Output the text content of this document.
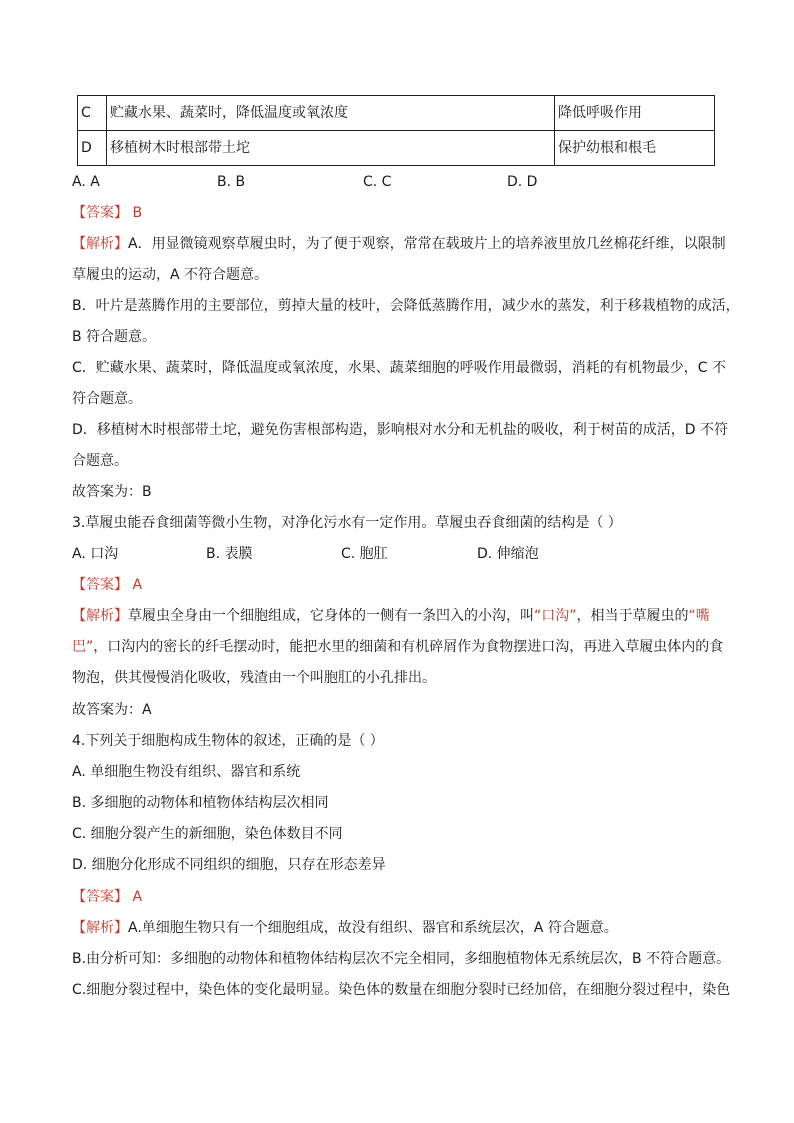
C	贮藏水果、蔬菜时，降低温度或氧浓度	降低呼吸作用
D	移植树木时根部带土坨	保护幼根和根毛
A. A	B. B	C. C	D. D
【答案】 B
【解析】A．用显微镜观察草履虫时，为了便于观察，常常在载玻片上的培养液里放几丝棉花纤维，以限制
草履虫的运动，A 不符合题意。
B．叶片是蒸腾作用的主要部位，剪掉大量的枝叶，会降低蒸腾作用，减少水的蒸发，利于移栽植物的成活，
B 符合题意。
C．贮藏水果、蔬菜时，降低温度或氧浓度，水果、蔬菜细胞的呼吸作用最微弱，消耗的有机物最少，C 不
符合题意。
D．移植树木时根部带土坨，避免伤害根部构造，影响根对水分和无机盐的吸收，利于树苗的成活，D 不符
合题意。
故答案为：B
3.草履虫能吞食细菌等微小生物，对净化污水有一定作用。草履虫吞食细菌的结构是（ ）
A. 口沟	B. 表膜	C. 胞肛	D. 伸缩泡
【答案】 A
【解析】草履虫全身由一个细胞组成，它身体的一侧有一条凹入的小沟，叫“口沟”，相当于草履虫的“嘴
巴”，口沟内的密长的纤毛摆动时，能把水里的细菌和有机碎屑作为食物摆进口沟，再进入草履虫体内的食
物泡，供其慢慢消化吸收，残渣由一个叫胞肛的小孔排出。
故答案为：A
4.下列关于细胞构成生物体的叙述，正确的是（ ）
A. 单细胞生物没有组织、器官和系统
B. 多细胞的动物体和植物体结构层次相同
C. 细胞分裂产生的新细胞，染色体数目不同
D. 细胞分化形成不同组织的细胞，只存在形态差异
【答案】 A
【解析】A.单细胞生物只有一个细胞组成，故没有组织、器官和系统层次，A 符合题意。
B.由分析可知：多细胞的动物体和植物体结构层次不完全相同，多细胞植物体无系统层次，B 不符合题意。
C.细胞分裂过程中，染色体的变化最明显。染色体的数量在细胞分裂时已经加倍，在细胞分裂过程中，染色
